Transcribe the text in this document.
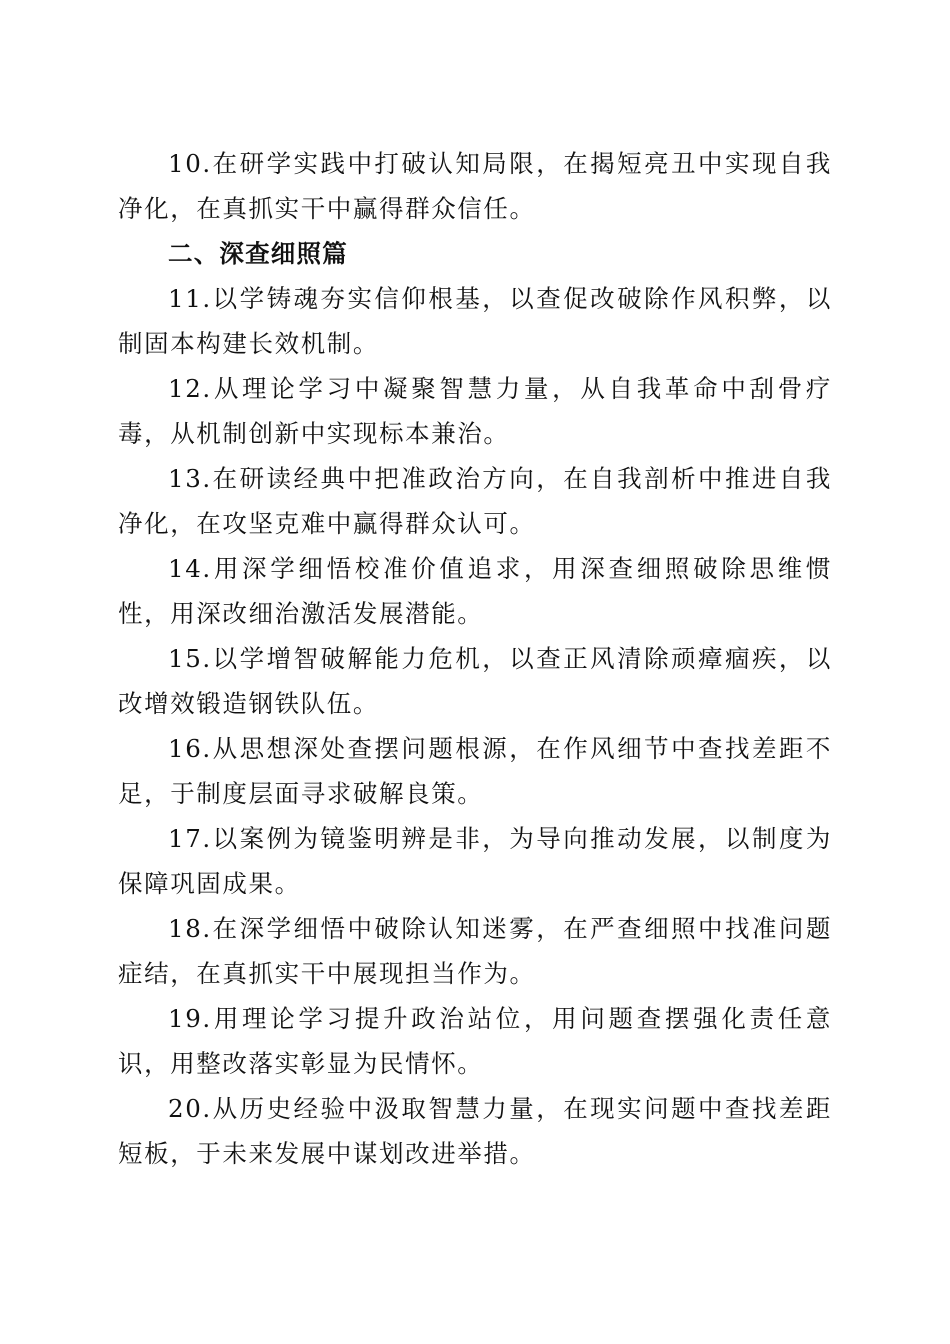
10.在研学实践中打破认知局限，在揭短亮丑中实现自我净化，在真抓实干中赢得群众信任。

二、深查细照篇

11.以学铸魂夯实信仰根基，以查促改破除作风积弊，以制固本构建长效机制。

12.从理论学习中凝聚智慧力量，从自我革命中刮骨疗毒，从机制创新中实现标本兼治。

13.在研读经典中把准政治方向，在自我剖析中推进自我净化，在攻坚克难中赢得群众认可。

14.用深学细悟校准价值追求，用深查细照破除思维惯性，用深改细治激活发展潜能。

15.以学增智破解能力危机，以查正风清除顽瘴痼疾，以改增效锻造钢铁队伍。

16.从思想深处查摆问题根源，在作风细节中查找差距不足，于制度层面寻求破解良策。

17.以案例为镜鉴明辨是非，为导向推动发展，以制度为保障巩固成果。

18.在深学细悟中破除认知迷雾，在严查细照中找准问题症结，在真抓实干中展现担当作为。

19.用理论学习提升政治站位，用问题查摆强化责任意识，用整改落实彰显为民情怀。

20.从历史经验中汲取智慧力量，在现实问题中查找差距短板，于未来发展中谋划改进举措。
